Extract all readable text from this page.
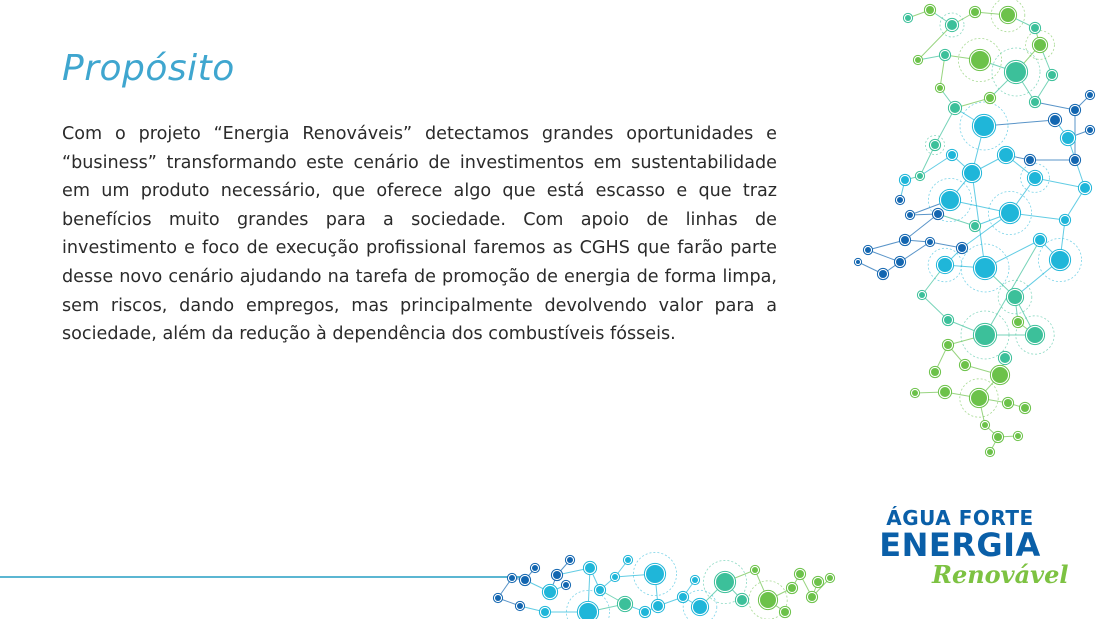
Propósito

Com o projeto “Energia Renováveis” detectamos grandes oportunidades e “business” transformando este cenário de investimentos em sustentabilidade em um produto necessário, que oferece algo que está escasso e que traz benefícios muito grandes para a sociedade. Com apoio de linhas de investimento e foco de execução profissional faremos as CGHS que farão parte desse novo cenário ajudando na tarefa de promoção de energia de forma limpa, sem riscos, dando empregos, mas principalmente devolvendo valor para a sociedade, além da redução à dependência dos combustíveis fósseis.

ÁGUA FORTE
ENERGIA
Renovável
